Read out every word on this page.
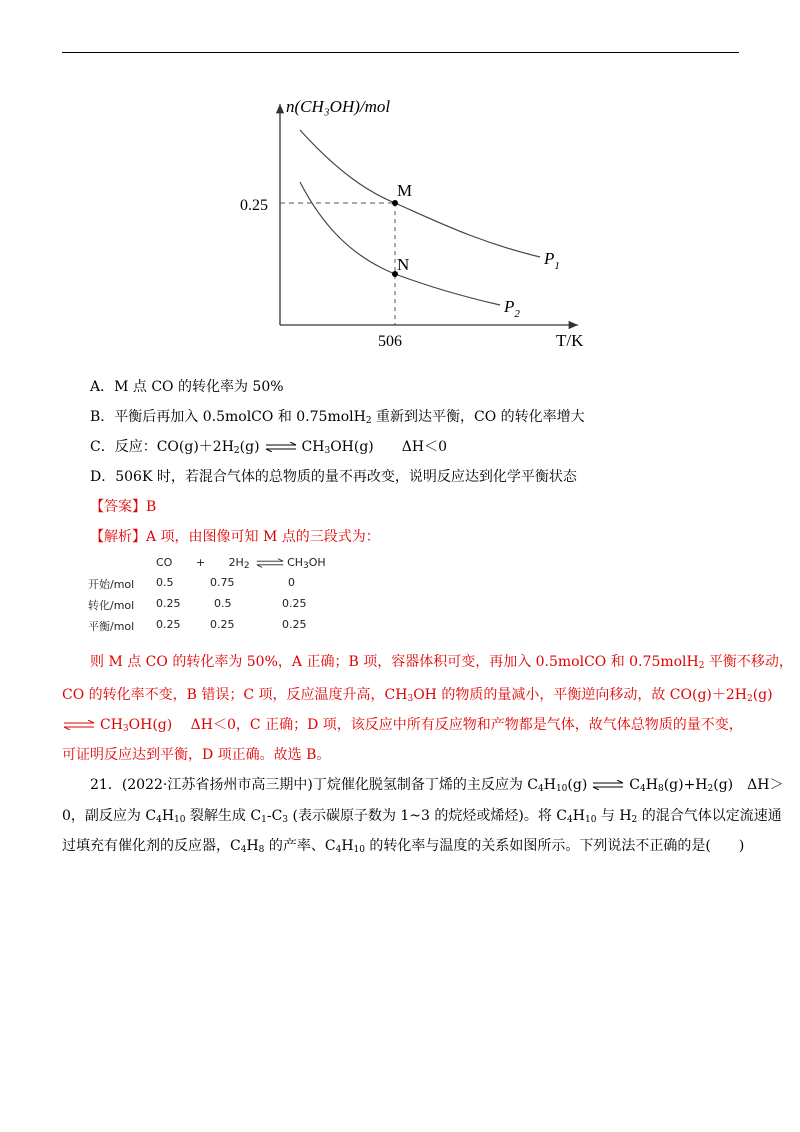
n(CH₃OH)/mol
T/K
0.25
506
M
N	$P_1$
$P_2$
A．M 点 CO 的转化率为 50%
B．平衡后再加入 0.5molCO 和 0.75molH$_2$ 重新到达平衡，CO 的转化率增大
C．反应：$CO(g)+2H_2(g)$ ⇌ $CH_3OH(g)$　　ΔH＜0
D．506K 时，若混合气体的总物质的量不再改变，说明反应达到化学平衡状态
【答案】B
【解析】A 项，由图像可知 M 点的三段式为：
CO + $2H_2$ ⇌ $CH_3OH$
开始/mol 0.5	0.75	0
转化/mol 0.25	0.5	0.25
平衡/mol 0.25	0.25	0.25
则 M 点 CO 的转化率为 50%，A 正确；B 项，容器体积可变，再加入 0.5molCO 和 0.75molH$_2$ 平衡不移动，
CO 的转化率不变，B 错误；C 项，反应温度升高，$CH_3OH$ 的物质的量减小，平衡逆向移动，故 $CO(g)+2H_2(g)$
⇌ $CH_3OH(g)$　 ΔH＜0，C 正确；D 项，该反应中所有反应物和产物都是气体，故气体总物质的量不变，
可证明反应达到平衡，D 项正确。故选 B。
21．(2022·江苏省扬州市高三期中)丁烷催化脱氢制备丁烯的主反应为 $C_4H_{10}(g)$ ⇌ $C_4H_8(g)+H_2(g)$　ΔH＞
0，副反应为 $C_4H_{10}$ 裂解生成 $C_1-C_3$ (表示碳原子数为 1~3 的烷烃或烯烃)。将 $C_4H_{10}$ 与 $H_2$ 的混合气体以定流速通
过填充有催化剂的反应器，$C_4H_8$ 的产率、$C_4H_{10}$ 的转化率与温度的关系如图所示。下列说法不正确的是(　　)
